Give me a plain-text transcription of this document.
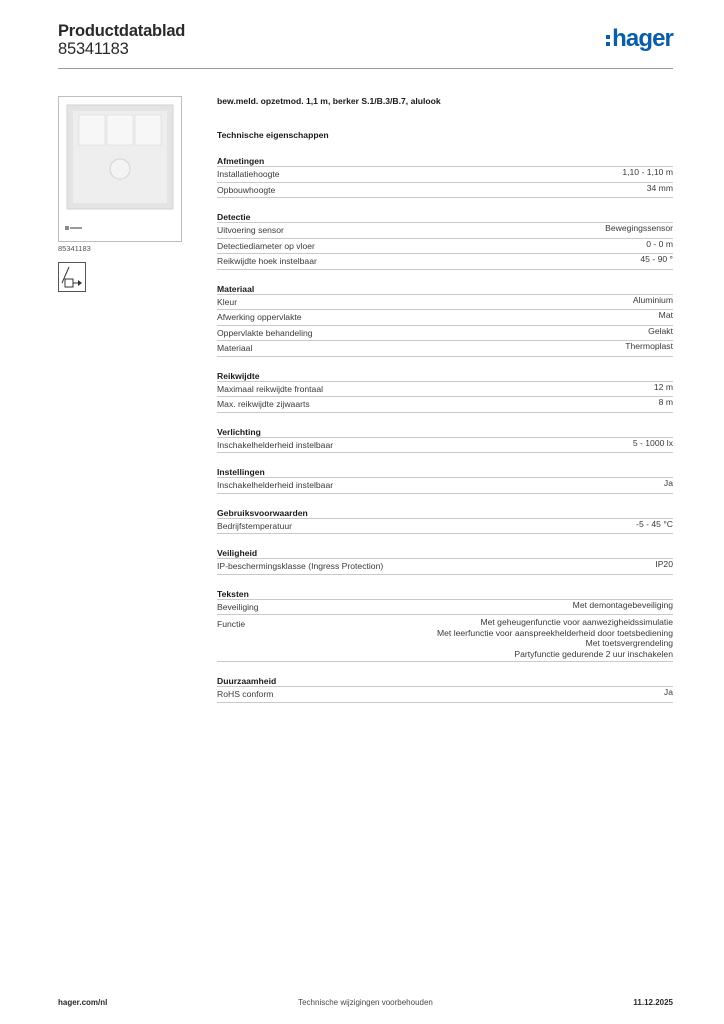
Productdatablad
85341183	hager
85341183
bew.meld. opzetmod. 1,1 m, berker S.1/B.3/B.7, alulook
Technische eigenschappen
Afmetingen
Installatiehoogte	1,10 - 1,10 m
Opbouwhoogte	34 mm
Detectie
Uitvoering sensor	Bewegingssensor
Detectiediameter op vloer	0 - 0 m
Reikwijdte hoek instelbaar	45 - 90 °
Materiaal
Kleur	Aluminium
Afwerking oppervlakte	Mat
Oppervlakte behandeling	Gelakt
Materiaal	Thermoplast
Reikwijdte
Maximaal reikwijdte frontaal	12 m
Max. reikwijdte zijwaarts	8 m
Verlichting
Inschakelhelderheid instelbaar	5 - 1000 lx
Instellingen
Inschakelhelderheid instelbaar	Ja
Gebruiksvoorwaarden
Bedrijfstemperatuur	-5 - 45 °C
Veiligheid
IP-beschermingsklasse (Ingress Protection)	IP20
Teksten
Beveiliging	Met demontagebeveiliging
Functie	Met geheugenfunctie voor aanwezigheidssimulatie
Met leerfunctie voor aanspreekhelderheid door toetsbediening
Met toetsvergrendeling
Partyfunctie gedurende 2 uur inschakelen
Duurzaamheid
RoHS conform	Ja
hager.com/nl	Technische wijzigingen voorbehouden	11.12.2025
